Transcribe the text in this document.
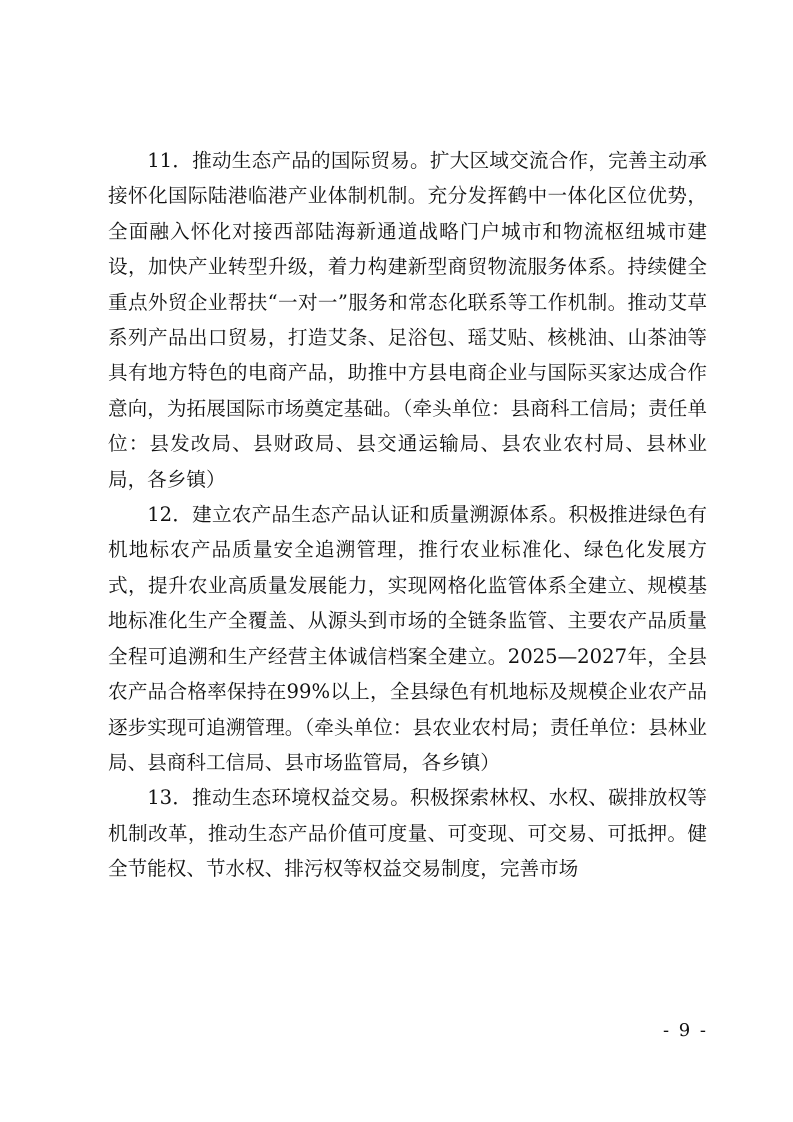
11．推动生态产品的国际贸易。扩大区域交流合作，完善主动承接怀化国际陆港临港产业体制机制。充分发挥鹤中一体化区位优势，全面融入怀化对接西部陆海新通道战略门户城市和物流枢纽城市建设，加快产业转型升级，着力构建新型商贸物流服务体系。持续健全重点外贸企业帮扶“一对一”服务和常态化联系等工作机制。推动艾草系列产品出口贸易，打造艾条、足浴包、瑶艾贴、核桃油、山茶油等具有地方特色的电商产品，助推中方县电商企业与国际买家达成合作意向，为拓展国际市场奠定基础。（牵头单位：县商科工信局；责任单位：县发改局、县财政局、县交通运输局、县农业农村局、县林业局，各乡镇）

12．建立农产品生态产品认证和质量溯源体系。积极推进绿色有机地标农产品质量安全追溯管理，推行农业标准化、绿色化发展方式，提升农业高质量发展能力，实现网格化监管体系全建立、规模基地标准化生产全覆盖、从源头到市场的全链条监管、主要农产品质量全程可追溯和生产经营主体诚信档案全建立。2025—2027年，全县农产品合格率保持在99%以上，全县绿色有机地标及规模企业农产品逐步实现可追溯管理。（牵头单位：县农业农村局；责任单位：县林业局、县商科工信局、县市场监管局，各乡镇）

13．推动生态环境权益交易。积极探索林权、水权、碳排放权等机制改革，推动生态产品价值可度量、可变现、可交易、可抵押。健全节能权、节水权、排污权等权益交易制度，完善市场

- 9 -
